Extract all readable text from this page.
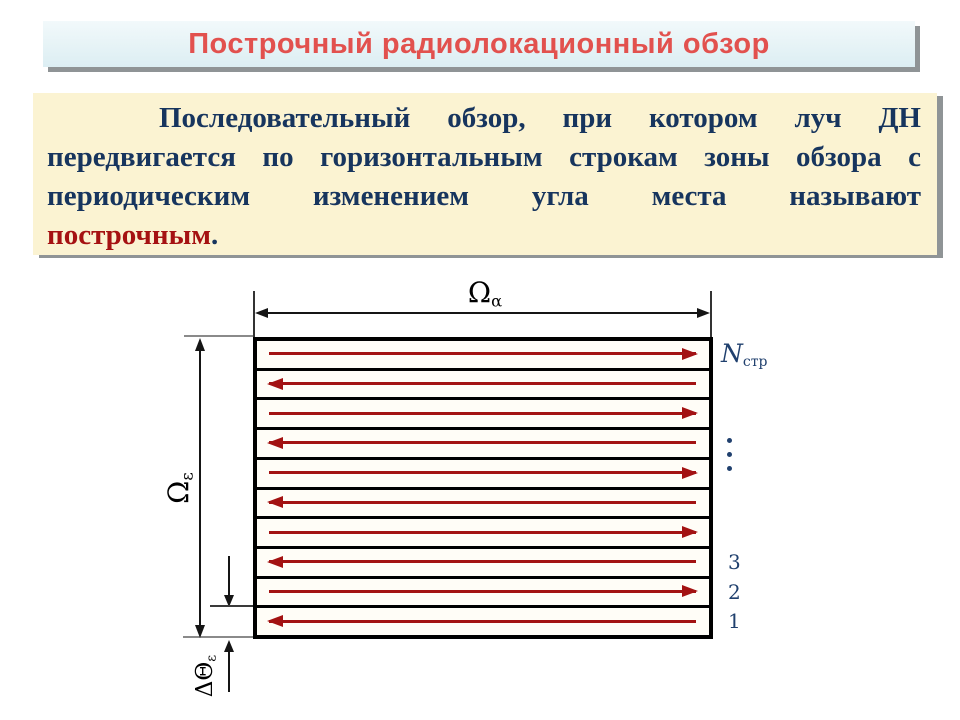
Построчный радиолокационный обзор
Последовательный обзор, при котором луч ДН
передвигается по горизонтальным строкам зоны обзора с
периодическим изменением угла места называют
построчным.
$\Omega_\alpha$
$\Omega_\varepsilon$
$\Delta\Theta_\varepsilon$
$N_{стр}$
3
2
1
